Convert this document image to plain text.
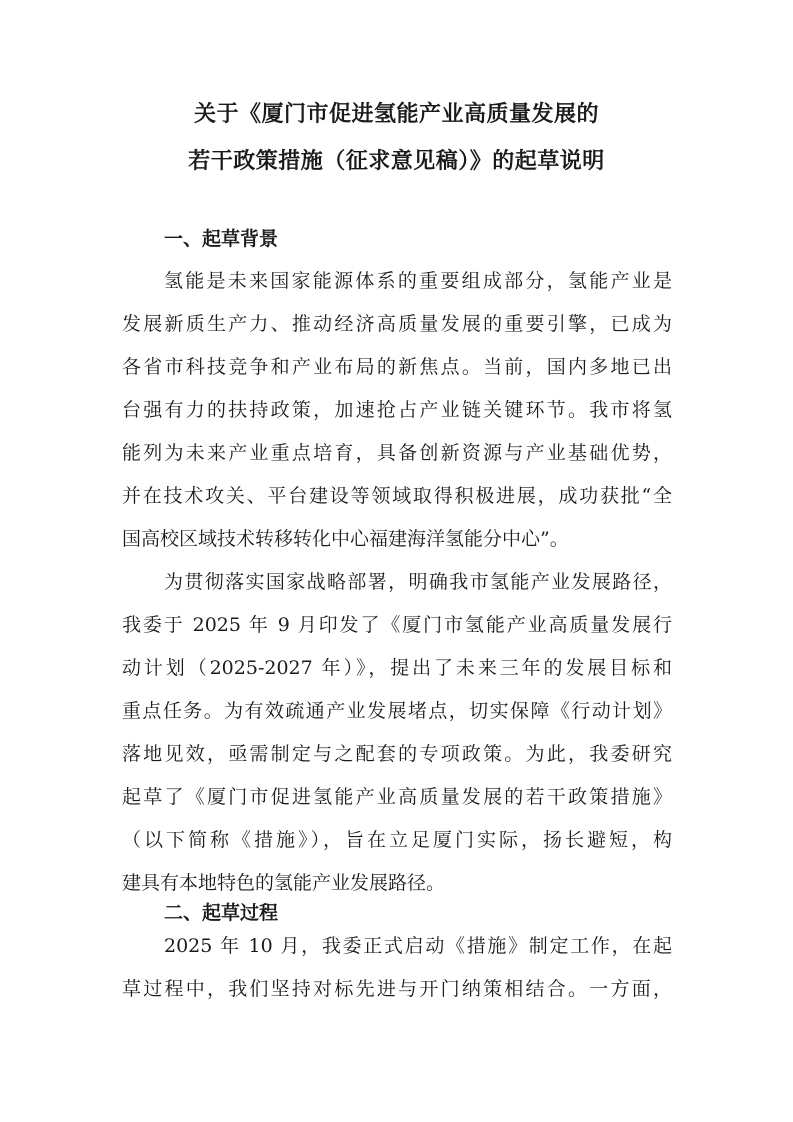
关于《厦门市促进氢能产业高质量发展的
若干政策措施（征求意见稿）》的起草说明
一、起草背景
氢能是未来国家能源体系的重要组成部分，氢能产业是
发展新质生产力、推动经济高质量发展的重要引擎，已成为
各省市科技竞争和产业布局的新焦点。当前，国内多地已出
台强有力的扶持政策，加速抢占产业链关键环节。我市将氢
能列为未来产业重点培育，具备创新资源与产业基础优势，
并在技术攻关、平台建设等领域取得积极进展，成功获批“全
国高校区域技术转移转化中心福建海洋氢能分中心”。
为贯彻落实国家战略部署，明确我市氢能产业发展路径，
我委于 2025 年 9 月印发了《厦门市氢能产业高质量发展行
动计划（2025-2027 年）》，提出了未来三年的发展目标和
重点任务。为有效疏通产业发展堵点，切实保障《行动计划》
落地见效，亟需制定与之配套的专项政策。为此，我委研究
起草了《厦门市促进氢能产业高质量发展的若干政策措施》
（以下简称《措施》），旨在立足厦门实际，扬长避短，构
建具有本地特色的氢能产业发展路径。
二、起草过程
2025 年 10 月，我委正式启动《措施》制定工作，在起
草过程中，我们坚持对标先进与开门纳策相结合。一方面，
